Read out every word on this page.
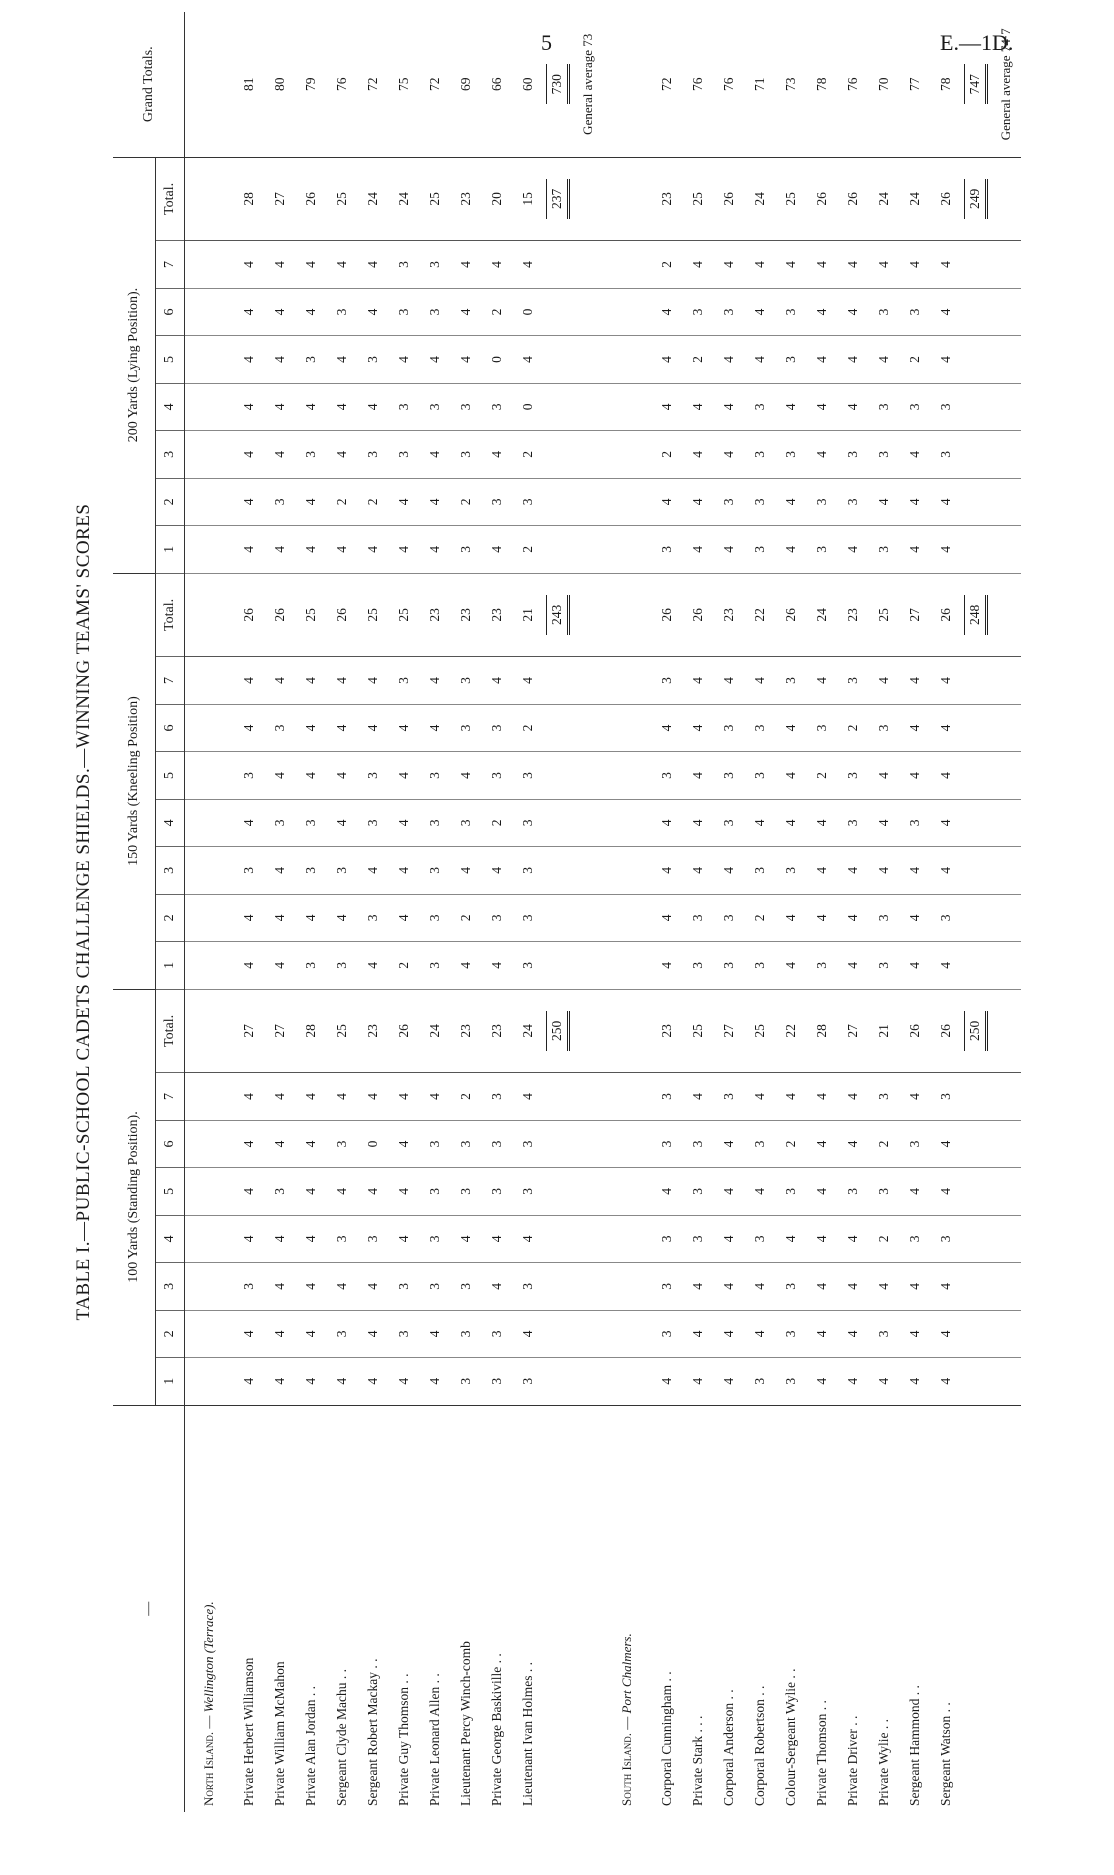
5	E.—1D.
TABLE I.—PUBLIC-SCHOOL CADETS CHALLENGE SHIELDS.—WINNING TEAMS' SCORES
—	100 Yards (Standing Position).								150 Yards (Kneeling Position)								200 Yards (Lying Position).								Grand Totals.
	1	2	3	4	5	6	7	Total.	1	2	3	4	5	6	7	Total.	1	2	3	4	5	6	7	Total.	
North Island. — Wellington (Terrace).																									
Private Herbert Williamson	4	4	3	4	4	4	4	27	4	4	3	4	3	4	4	26	4	4	4	4	4	4	4	28	81
Private William McMahon	4	4	4	4	3	4	4	27	4	4	4	3	4	3	4	26	4	3	4	4	4	4	4	27	80
Private Alan Jordan . .	4	4	4	4	4	4	4	28	3	4	3	3	4	4	4	25	4	4	3	4	3	4	4	26	79
Sergeant Clyde Machu . .	4	3	4	3	4	3	4	25	3	4	3	4	4	4	4	26	4	2	4	4	4	3	4	25	76
Sergeant Robert Mackay . .	4	4	4	3	4	0	4	23	4	3	4	3	3	4	4	25	4	2	3	4	3	4	4	24	72
Private Guy Thomson . .	4	3	3	4	4	4	4	26	2	4	4	4	4	4	3	25	4	4	3	3	4	3	3	24	75
Private Leonard Allen . .	4	4	3	3	3	3	4	24	3	3	3	3	3	4	4	23	4	4	4	3	4	3	3	25	72
Lieutenant Percy Winch-comb	3	3	3	4	3	3	2	23	4	2	4	3	4	3	3	23	3	2	3	3	4	4	4	23	69
Private George Baskiville . .	3	3	4	4	3	3	3	23	4	3	4	2	3	3	4	23	4	3	4	3	0	2	4	20	66
Lieutenant Ivan Holmes . .	3	4	3	4	3	3	4	24	3	3	3	3	3	2	4	21	2	3	2	0	4	0	4	15	60
								250								243								237	730
																									General average 73
South Island. — Port Chalmers.																									
Corporal Cunningham . .	4	3	3	3	4	3	3	23	4	4	4	4	3	4	3	26	3	4	2	4	4	4	2	23	72
Private Stark . . .	4	4	4	3	3	3	4	25	3	3	4	4	4	4	4	26	4	4	4	4	2	3	4	25	76
Corporal Anderson . .	4	4	4	4	4	4	3	27	3	3	4	3	3	3	4	23	4	3	4	4	4	3	4	26	76
Corporal Robertson . .	3	4	4	3	4	3	4	25	3	2	3	4	3	3	4	22	3	3	3	3	4	4	4	24	71
Colour-Sergeant Wylie . .	3	3	3	4	3	2	4	22	4	4	3	4	4	4	3	26	4	4	3	4	3	3	4	25	73
Private Thomson . .	4	4	4	4	4	4	4	28	3	4	4	4	2	3	4	24	3	3	4	4	4	4	4	26	78
Private Driver . .	4	4	4	4	3	4	4	27	4	4	4	3	3	2	3	23	4	3	3	4	4	4	4	26	76
Private Wylie . .	4	3	4	2	3	2	3	21	3	3	4	4	4	3	4	25	3	4	3	3	4	3	4	24	70
Sergeant Hammond . .	4	4	4	3	4	3	4	26	4	4	4	3	4	4	4	27	4	4	4	3	2	3	4	24	77
Sergeant Watson . .	4	4	4	3	4	4	3	26	4	3	4	4	4	4	4	26	4	4	3	3	4	4	4	26	78
								250								248								249	747
																									General average 74·7
